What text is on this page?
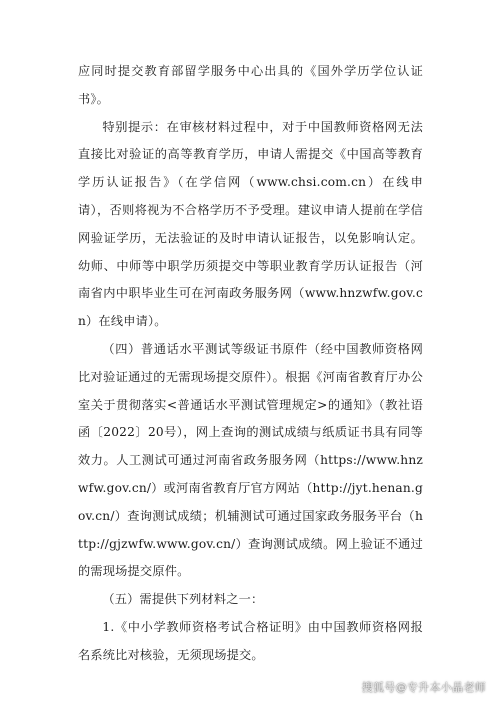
应同时提交教育部留学服务中心出具的《国外学历学位认证书》。

特别提示：在审核材料过程中，对于中国教师资格网无法直接比对验证的高等教育学历，申请人需提交《中国高等教育学历认证报告》（在学信网（www.chsi.com.cn）在线申请），否则将视为不合格学历不予受理。建议申请人提前在学信网验证学历，无法验证的及时申请认证报告，以免影响认定。幼师、中师等中职学历须提交中等职业教育学历认证报告（河南省内中职毕业生可在河南政务服务网（www.hnzwfw.gov.cn）在线申请）。

（四）普通话水平测试等级证书原件（经中国教师资格网比对验证通过的无需现场提交原件）。根据《河南省教育厅办公室关于贯彻落实<普通话水平测试管理规定>的通知》（教社语函〔2022〕20号），网上查询的测试成绩与纸质证书具有同等效力。人工测试可通过河南省政务服务网（https://www.hnzwfw.gov.cn/）或河南省教育厅官方网站（http://jyt.henan.gov.cn/）查询测试成绩；机辅测试可通过国家政务服务平台（http://gjzwfw.www.gov.cn/）查询测试成绩。网上验证不通过的需现场提交原件。

（五）需提供下列材料之一：

1.《中小学教师资格考试合格证明》由中国教师资格网报名系统比对核验，无须现场提交。

搜狐号@专升本小晶老师
